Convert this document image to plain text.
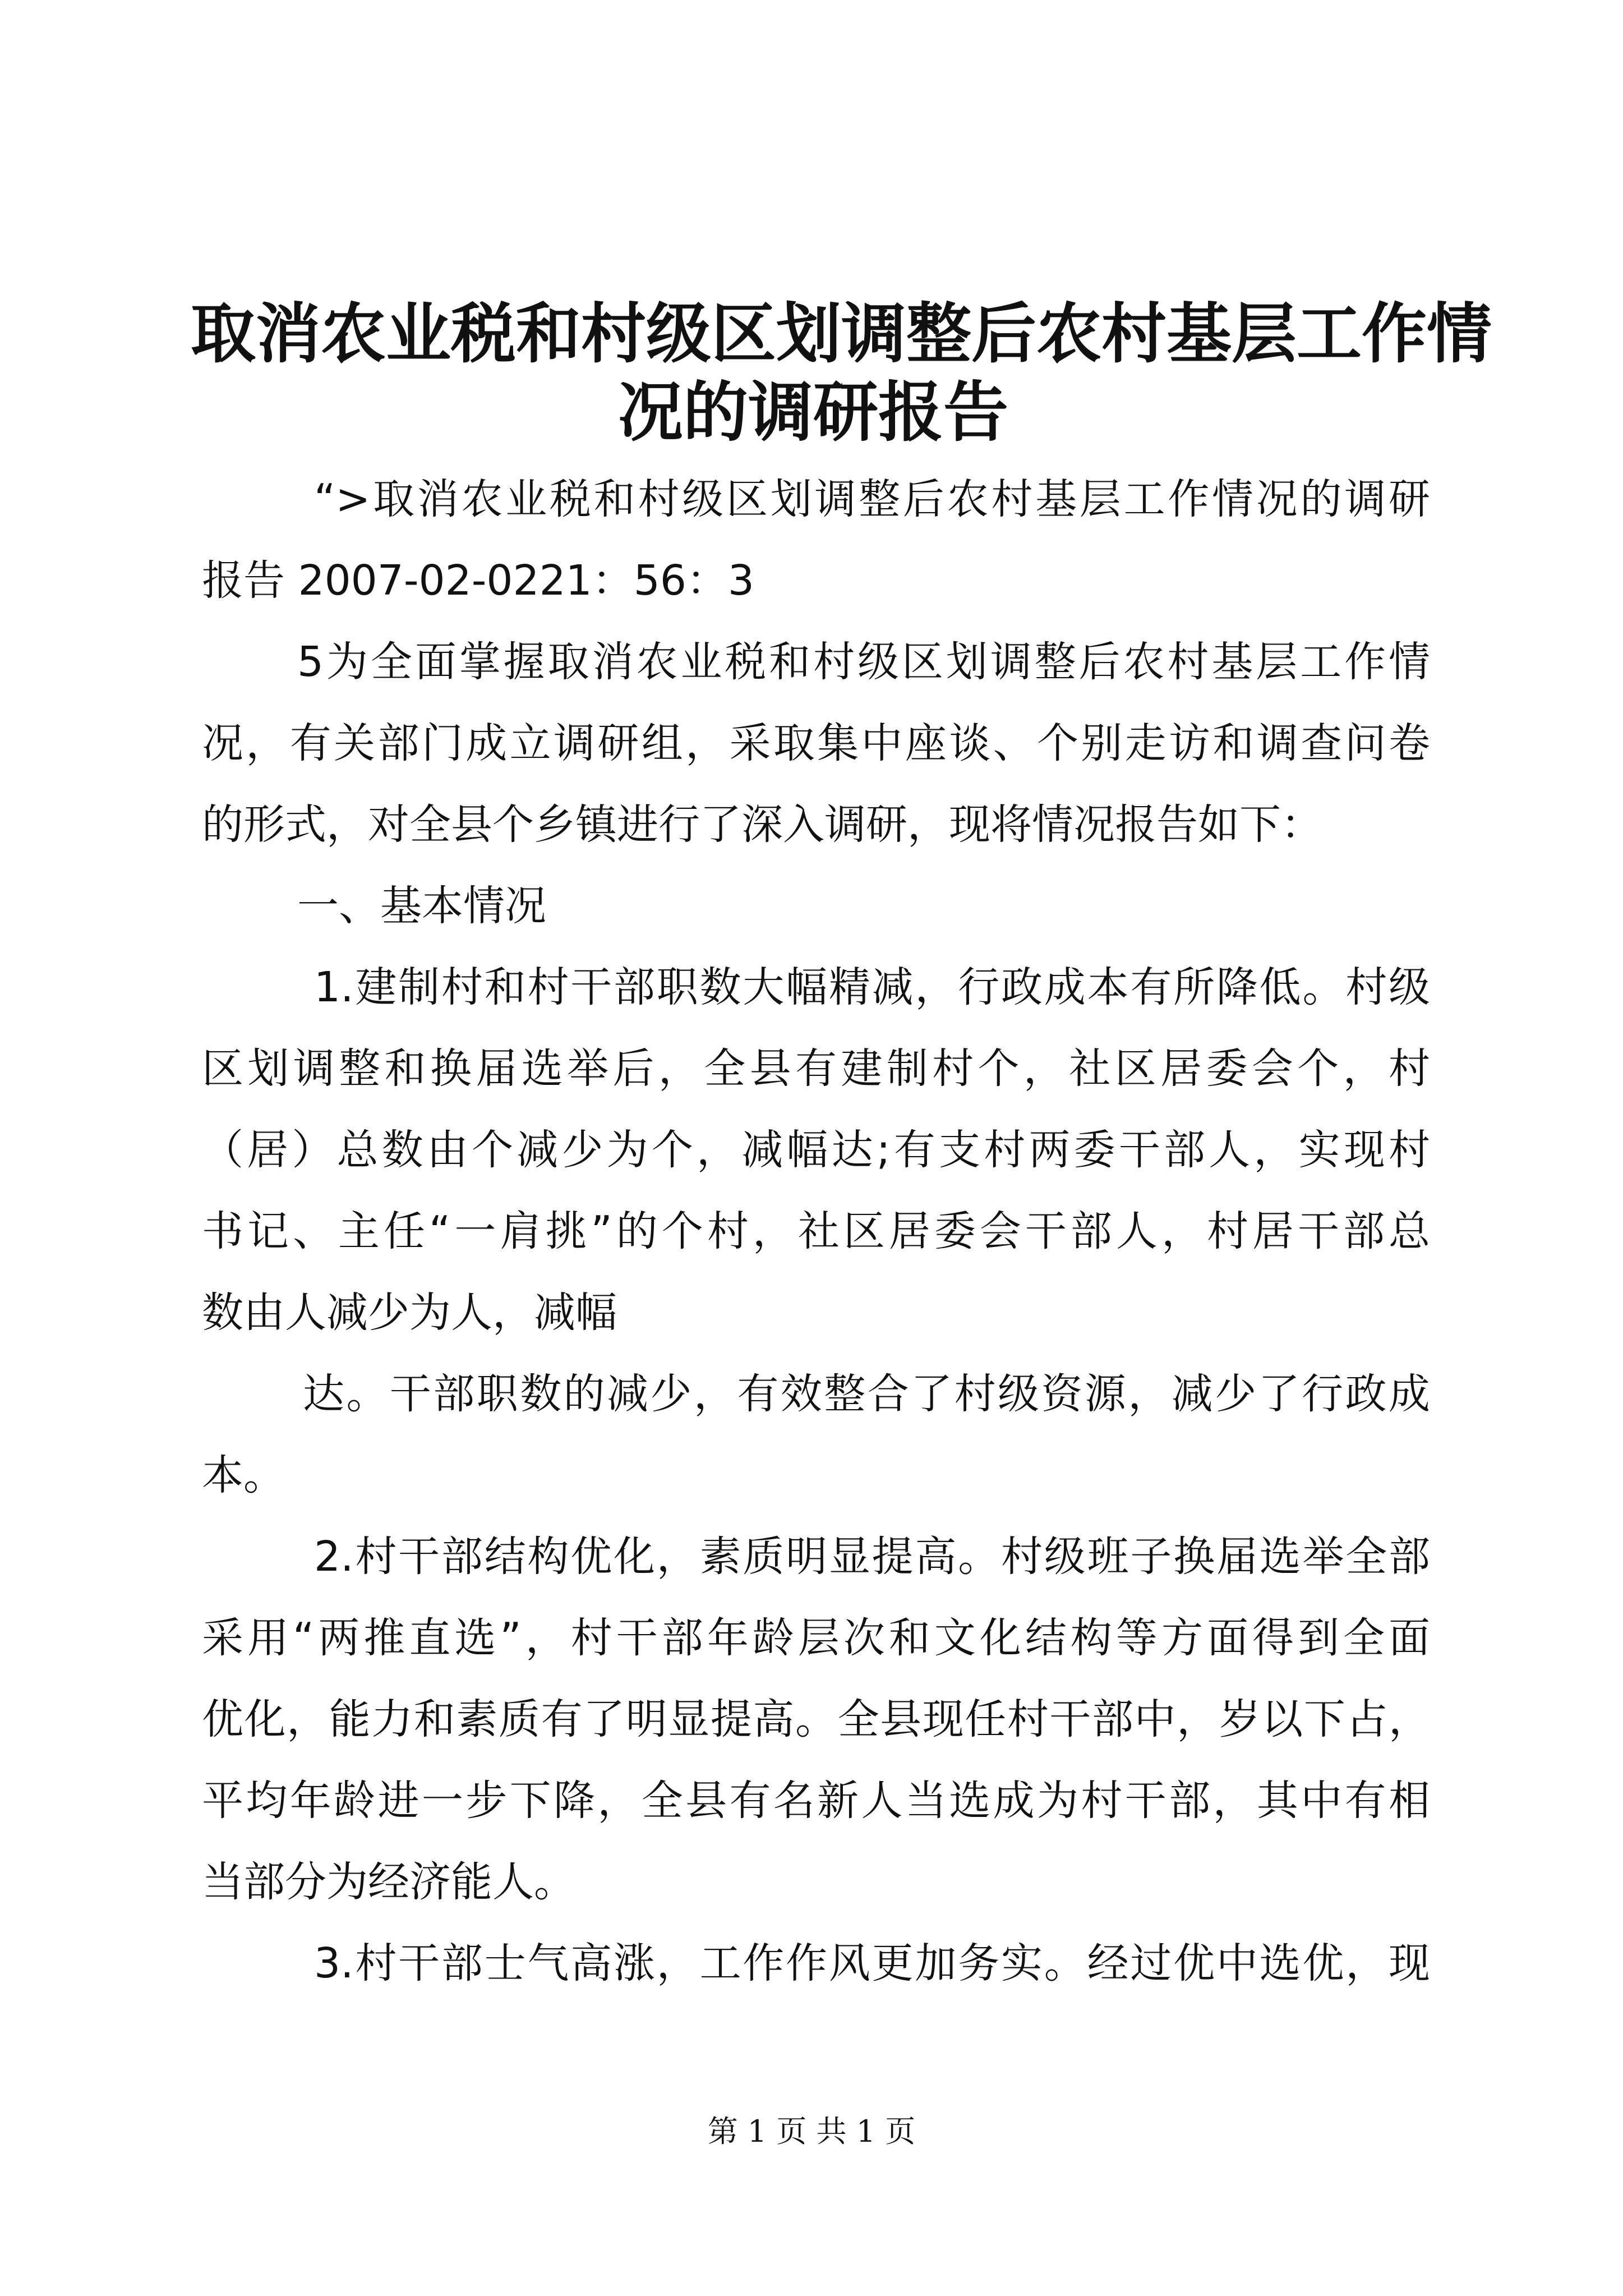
取消农业税和村级区划调整后农村基层工作情
况的调研报告

“>取消农业税和村级区划调整后农村基层工作情况的调研

报告 2007-02-0221：56：3

5为全面掌握取消农业税和村级区划调整后农村基层工作情

况，有关部门成立调研组，采取集中座谈、个别走访和调查问卷

的形式，对全县个乡镇进行了深入调研，现将情况报告如下：

一、基本情况

1.建制村和村干部职数大幅精减，行政成本有所降低。村级

区划调整和换届选举后，全县有建制村个，社区居委会个，村

（居）总数由个减少为个，减幅达;有支村两委干部人，实现村

书记、主任“一肩挑”的个村，社区居委会干部人，村居干部总

数由人减少为人，减幅

达。干部职数的减少，有效整合了村级资源，减少了行政成

本。

2.村干部结构优化，素质明显提高。村级班子换届选举全部

采用“两推直选”，村干部年龄层次和文化结构等方面得到全面

优化，能力和素质有了明显提高。全县现任村干部中，岁以下占，

平均年龄进一步下降，全县有名新人当选成为村干部，其中有相

当部分为经济能人。

3.村干部士气高涨，工作作风更加务实。经过优中选优，现

第 1 页 共 1 页
